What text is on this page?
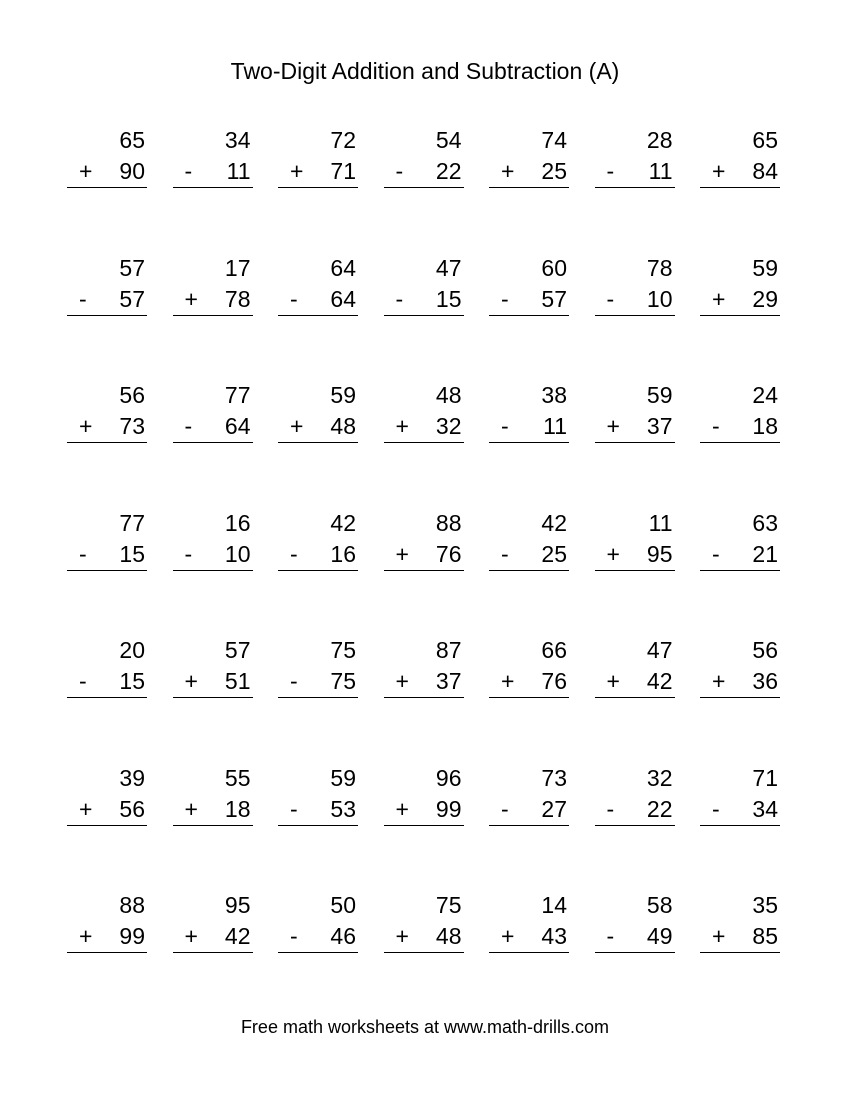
Two-Digit Addition and Subtraction (A)
65
+ 90
34
- 11
72
+ 71
54
- 22
74
+ 25
28
- 11
65
+ 84
57
- 57
17
+ 78
64
- 64
47
- 15
60
- 57
78
- 10
59
+ 29
56
+ 73
77
- 64
59
+ 48
48
+ 32
38
- 11
59
+ 37
24
- 18
77
- 15
16
- 10
42
- 16
88
+ 76
42
- 25
11
+ 95
63
- 21
20
- 15
57
+ 51
75
- 75
87
+ 37
66
+ 76
47
+ 42
56
+ 36
39
+ 56
55
+ 18
59
- 53
96
+ 99
73
- 27
32
- 22
71
- 34
88
+ 99
95
+ 42
50
- 46
75
+ 48
14
+ 43
58
- 49
35
+ 85
Free math worksheets at www.math-drills.com
